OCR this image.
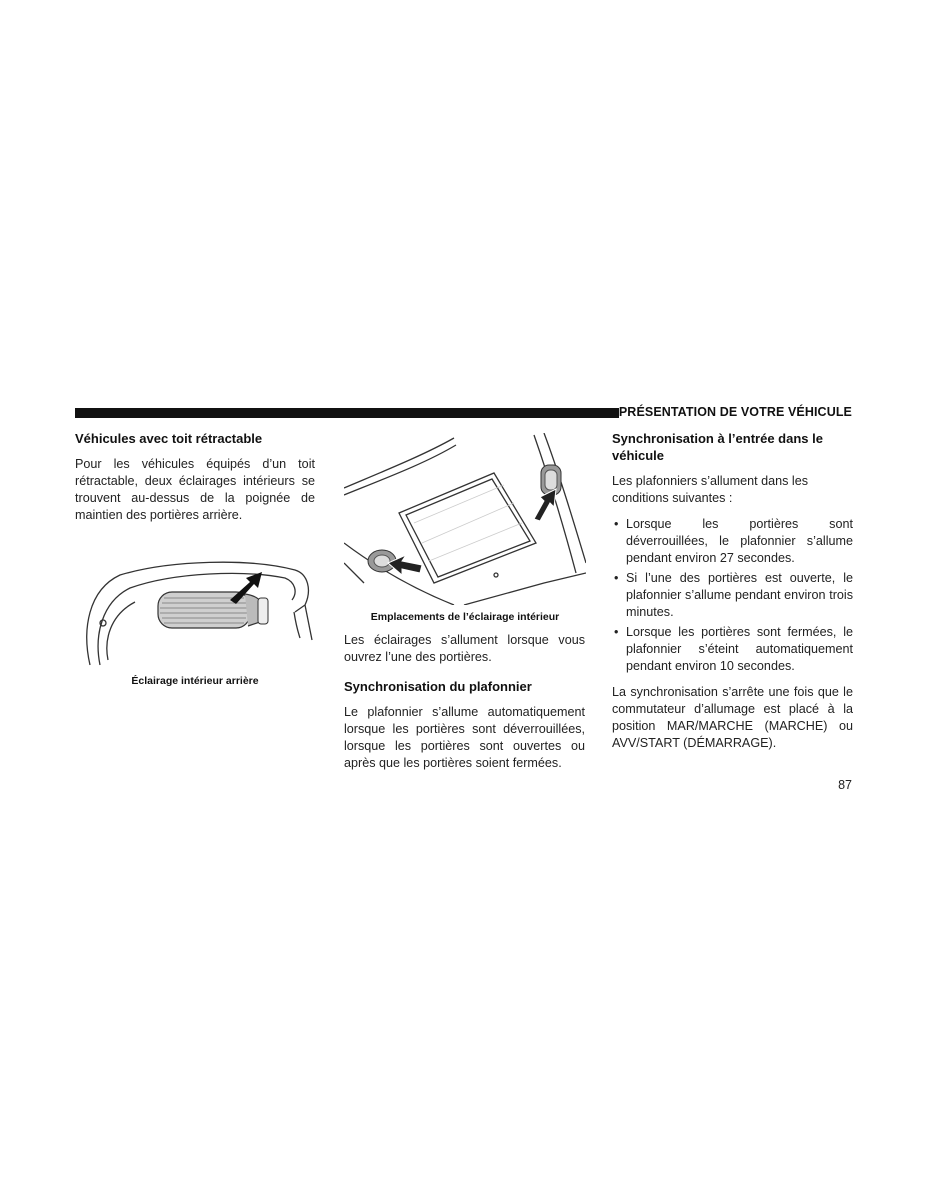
PRÉSENTATION DE VOTRE VÉHICULE
Véhicules avec toit rétractable

Pour les véhicules équipés d’un toit rétractable, deux éclairages intérieurs se trouvent au-dessus de la poignée de maintien des portières arrière.

Éclairage intérieur arrière
Emplacements de l’éclairage intérieur

Les éclairages s’allument lorsque vous ouvrez l’une des portières.

Synchronisation du plafonnier

Le plafonnier s’allume automatiquement lorsque les portières sont déverrouillées, lorsque les portières sont ouvertes ou après que les portières soient fermées.

Synchronisation à l’entrée dans le véhicule

Les plafonniers s’allument dans les conditions suivantes :

• Lorsque les portières sont déverrouillées, le plafonnier s’allume pendant environ 27 secondes.
• Si l’une des portières est ouverte, le plafonnier s’allume pendant environ trois minutes.
• Lorsque les portières sont fermées, le plafonnier s’éteint automatiquement pendant environ 10 secondes.

La synchronisation s’arrête une fois que le commutateur d’allumage est placé à la position MAR/MARCHE (MARCHE) ou AVV/START (DÉMARRAGE).

87
